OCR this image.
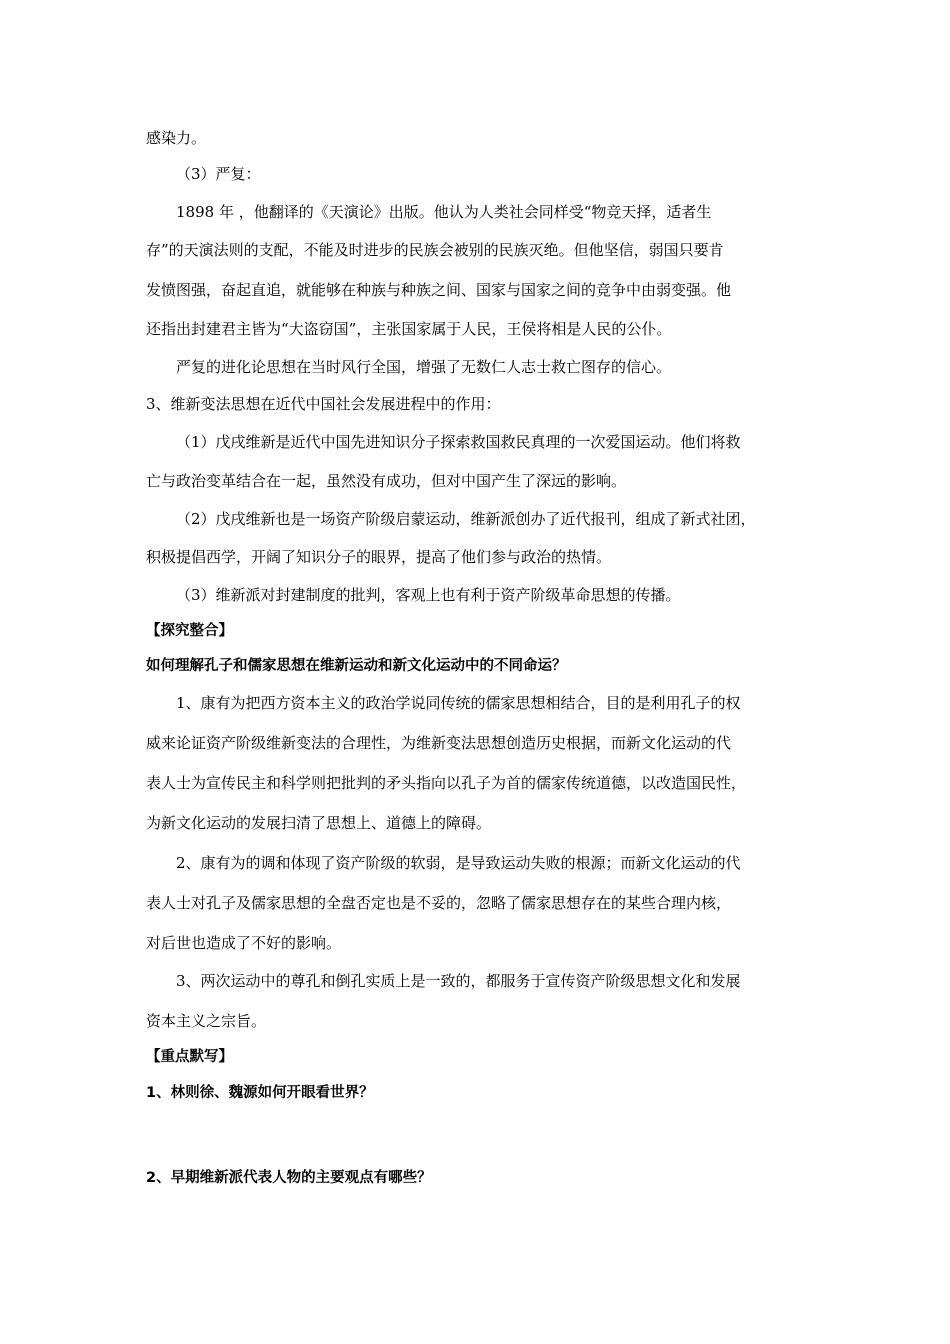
感染力。
（3）严复：
1898 年 ，他翻译的《天演论》出版。他认为人类社会同样受“物竞天择，适者生
存”的天演法则的支配，不能及时进步的民族会被别的民族灭绝。但他坚信，弱国只要肯
发愤图强，奋起直追，就能够在种族与种族之间、国家与国家之间的竞争中由弱变强。他
还指出封建君主皆为“大盗窃国”，主张国家属于人民，王侯将相是人民的公仆。
严复的进化论思想在当时风行全国，增强了无数仁人志士救亡图存的信心。
3、维新变法思想在近代中国社会发展进程中的作用：
（1）戊戌维新是近代中国先进知识分子探索救国救民真理的一次爱国运动。他们将救
亡与政治变革结合在一起，虽然没有成功，但对中国产生了深远的影响。
（2）戊戌维新也是一场资产阶级启蒙运动，维新派创办了近代报刊，组成了新式社团，
积极提倡西学，开阔了知识分子的眼界，提高了他们参与政治的热情。
（3）维新派对封建制度的批判，客观上也有利于资产阶级革命思想的传播。
【探究整合】
如何理解孔子和儒家思想在维新运动和新文化运动中的不同命运？
1、康有为把西方资本主义的政治学说同传统的儒家思想相结合，目的是利用孔子的权
威来论证资产阶级维新变法的合理性，为维新变法思想创造历史根据，而新文化运动的代
表人士为宣传民主和科学则把批判的矛头指向以孔子为首的儒家传统道德，以改造国民性，
为新文化运动的发展扫清了思想上、道德上的障碍。
2、康有为的调和体现了资产阶级的软弱，是导致运动失败的根源；而新文化运动的代
表人士对孔子及儒家思想的全盘否定也是不妥的，忽略了儒家思想存在的某些合理内核，
对后世也造成了不好的影响。
3、两次运动中的尊孔和倒孔实质上是一致的，都服务于宣传资产阶级思想文化和发展
资本主义之宗旨。
【重点默写】
1、林则徐、魏源如何开眼看世界？
2、早期维新派代表人物的主要观点有哪些？
